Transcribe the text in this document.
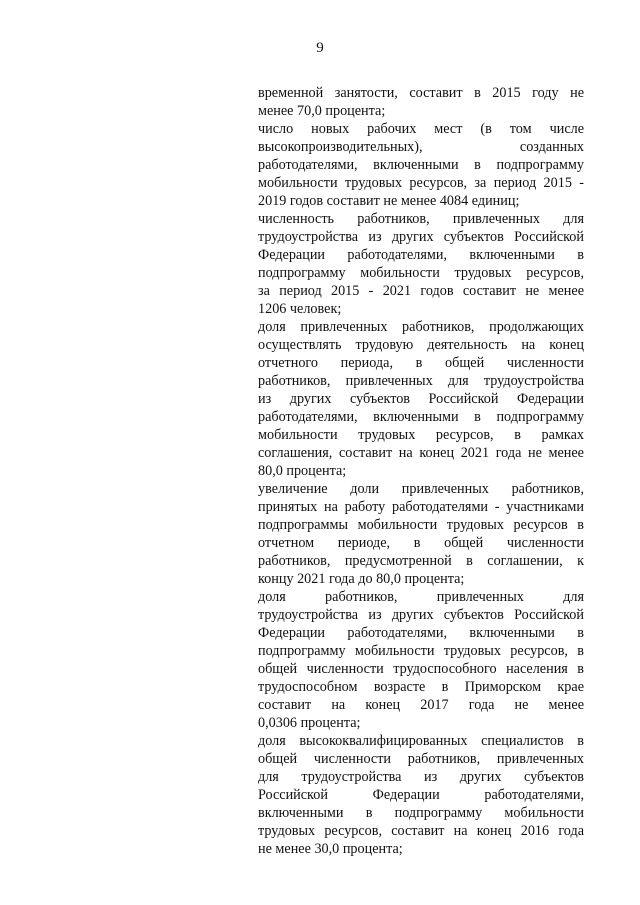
9
временной занятости, составит в 2015 году не
менее 70,0 процента;
число новых рабочих мест (в том числе
высокопроизводительных), созданных
работодателями, включенными в подпрограмму
мобильности трудовых ресурсов, за период 2015 -
2019 годов составит не менее 4084 единиц;
численность работников, привлеченных для
трудоустройства из других субъектов Российской
Федерации работодателями, включенными в
подпрограмму мобильности трудовых ресурсов,
за период 2015 - 2021 годов составит не менее
1206 человек;
доля привлеченных работников, продолжающих
осуществлять трудовую деятельность на конец
отчетного периода, в общей численности
работников, привлеченных для трудоустройства
из других субъектов Российской Федерации
работодателями, включенными в подпрограмму
мобильности трудовых ресурсов, в рамках
соглашения, составит на конец 2021 года не менее
80,0 процента;
увеличение доли привлеченных работников,
принятых на работу работодателями - участниками
подпрограммы мобильности трудовых ресурсов в
отчетном периоде, в общей численности
работников, предусмотренной в соглашении, к
концу 2021 года до 80,0 процента;
доля работников, привлеченных для
трудоустройства из других субъектов Российской
Федерации работодателями, включенными в
подпрограмму мобильности трудовых ресурсов, в
общей численности трудоспособного населения в
трудоспособном возрасте в Приморском крае
составит на конец 2017 года не менее
0,0306 процента;
доля высококвалифицированных специалистов в
общей численности работников, привлеченных
для трудоустройства из других субъектов
Российской Федерации работодателями,
включенными в подпрограмму мобильности
трудовых ресурсов, составит на конец 2016 года
не менее 30,0 процента;
